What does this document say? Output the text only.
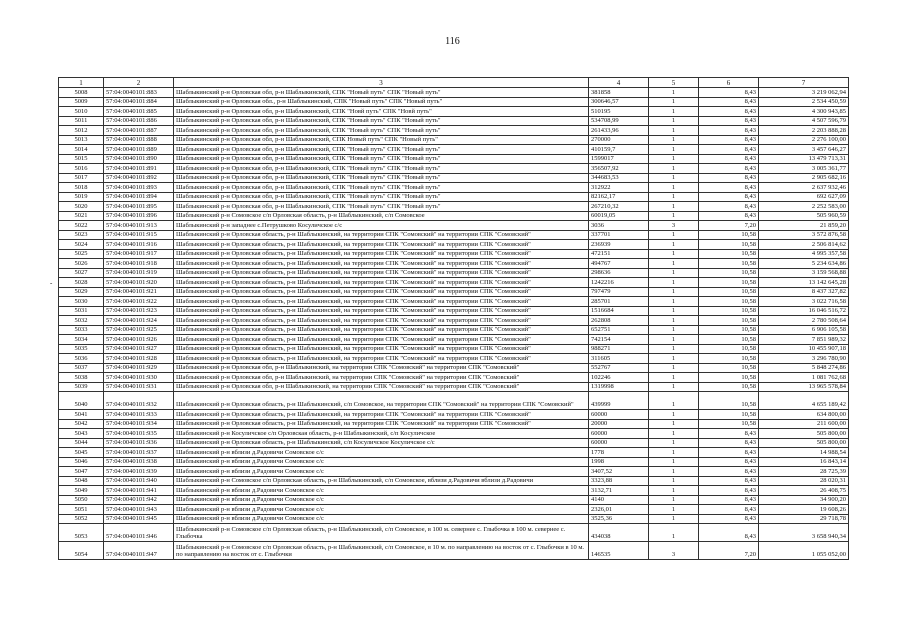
116
-
1	2	3	4	5	6	7
5008	57:04:0040101:883	Шаблыкинский р-н Орловская обл, р-н Шаблыкинский, СПК "Новый путь" СПК "Новый путь"	381858	1	8,43	3 219 062,94
5009	57:04:0040101:884	Шаблыкинский р-н Орловская обл., р-н Шаблыкинский, СПК "Новый путь" СПК "Новый путь"	300646,57	1	8,43	2 534 450,59
5010	57:04:0040101:885	Шаблыкинский р-н Орловская обл, р-н Шаблыкинский, СПК "Новй путь" СПК "Новй путь"	510195	1	8,43	4 300 943,85
5011	57:04:0040101:886	Шаблыкинский р-н Орловская обл, р-н Шаблыкинский, СПК "Новый путь" СПК "Новый путь"	534708,99	1	8,43	4 507 596,79
5012	57:04:0040101:887	Шаблыкинский р-н Орловская обл, р-н Шаблыкинский, СПК "Новый путь" СПК "Новый путь"	261433,96	1	8,43	2 203 888,28
5013	57:04:0040101:888	Шаблыкинский р-н Орловская обл, р-н Шаблыкинский, СПК Новый путь" СПК "Новый путь"	270000	1	8,43	2 276 100,00
5014	57:04:0040101:889	Шаблыкинский р-н Орловская обл, р-н Шаблыкинский, СПК "Новый путь" СПК "Новый путь"	410159,7	1	8,43	3 457 646,27
5015	57:04:0040101:890	Шаблыкинский р-н Орловская обл, р-н Шаблыкинский, СПК "Новый путь" СПК "Новый путь"	1599017	1	8,43	13 479 713,31
5016	57:04:0040101:891	Шаблыкинский р-н Орловская обл, р-н Шаблыкинский, СПК "Новый путь" СПК "Новый путь"	356507,92	1	8,43	3 005 361,77
5017	57:04:0040101:892	Шаблыкинский р-н Орловская обл, р-н Шаблыкинский, СПК "Новый путь" СПК "Новый путь"	344683,53	1	8,43	2 905 682,16
5018	57:04:0040101:893	Шаблыкинский р-н Орловская обл, р-н Шаблыкинский, СПК "Новый путь" СПК "Новый путь"	312922	1	8,43	2 637 932,46
5019	57:04:0040101:894	Шаблыкинский р-н Орловская обл, р-н Шаблыкинский, СПК "Новый путь" СПК "Новый путь"	82162,17	1	8,43	692 627,09
5020	57:04:0040101:895	Шаблыкинский р-н Орловская обл, р-н Шаблыкинский, СПК "Новый путь" СПК "Новый путь"	267210,32	1	8,43	2 252 583,00
5021	57:04:0040101:896	Шаблыкинский р-н Сомовское с/п Орловская область, р-н Шаблыкинский, с/п Сомовское	60019,05	1	8,43	505 960,59
5022	57:04:0040101:913	Шаблыкинский р-н западнее с.Петрушково Косуличское с/с	3036	3	7,20	21 859,20
5023	57:04:0040101:915	Шаблыкинский р-н Орловская область, р-н Шаблыкинский, на территории СПК "Сомовский" на территории СПК "Сомовский"	337701	1	10,58	3 572 876,58
5024	57:04:0040101:916	Шаблыкинский р-н Орловская область, р-н Шаблыкинский, на территории СПК "Сомовский" на территории СПК "Сомовский"	236939	1	10,58	2 506 814,62
5025	57:04:0040101:917	Шаблыкинский р-н Орловская область, р-н Шаблыкинский, на территории СПК "Сомовский" на территории СПК "Сомовский"	472151	1	10,58	4 995 357,58
5026	57:04:0040101:918	Шаблыкинский р-н Орловская область, р-н Шаблыкинский, на территории СПК "Сомовский" на территории СПК "Сомовский"	494767	1	10,58	5 234 634,86
5027	57:04:0040101:919	Шаблыкинский р-н Орловская область, р-н Шаблыкинский, на территории СПК "Сомовский" на территории СПК "Сомовский"	298636	1	10,58	3 159 568,88
5028	57:04:0040101:920	Шаблыкинский р-н Орловская область, р-н Шаблыкинский, на территории СПК "Сомовский" на территории СПК "Сомовский"	1242216	1	10,58	13 142 645,28
5029	57:04:0040101:921	Шаблыкинский р-н Орловская область, р-н Шаблыкинский, на территории СПК "Сомовский" на территории СПК "Сомовский"	797479	1	10,58	8 437 327,82
5030	57:04:0040101:922	Шаблыкинский р-н Орловская область, р-н Шаблыкинский, на территории СПК "Сомовский" на территории СПК "Сомовский"	285701	1	10,58	3 022 716,58
5031	57:04:0040101:923	Шаблыкинский р-н Орловская область, р-н Шаблыкинский, на территории СПК "Сомовский" на территории СПК "Сомовский"	1516684	1	10,58	16 046 516,72
5032	57:04:0040101:924	Шаблыкинский р-н Орловская область, р-н Шаблыкинский, на территории СПК "Сомовский" на территории СПК "Сомовский"	262808	1	10,58	2 780 508,64
5033	57:04:0040101:925	Шаблыкинский р-н Орловская область, р-н Шаблыкинский, на территории СПК "Сомовский" на территории СПК "Сомовский"	652751	1	10,58	6 906 105,58
5034	57:04:0040101:926	Шаблыкинский р-н Орловская область, р-н Шаблыкинский, на территории СПК "Сомовский" на территории СПК "Сомовский"	742154	1	10,58	7 851 989,32
5035	57:04:0040101:927	Шаблыкинский р-н Орловская область, р-н Шаблыкинский, на территории СПК "Сомовский" на территории СПК "Сомовский"	988271	1	10,58	10 455 907,18
5036	57:04:0040101:928	Шаблыкинский р-н Орловская область, р-н Шаблыкинский, на территории СПК "Сомовский" на территории СПК "Сомовский"	311605	1	10,58	3 296 780,90
5037	57:04:0040101:929	Шаблыкинский р-н Орловская обл, р-н Шаблыкинский, на территории СПК "Сомовский" на территории СПК "Сомовский"	552767	1	10,58	5 848 274,86
5038	57:04:0040101:930	Шаблыкинский р-н Орловская обл, р-н Шаблыкинский, на территории СПК "Сомовский" на территории СПК "Сомовский"	102246	1	10,58	1 081 762,68
5039	57:04:0040101:931	Шаблыкинский р-н Орловская обл, р-н Шаблыкинский, на территории СПК "Сомовский" на территории СПК "Сомовский"	1319998	1	10,58	13 965 578,84
5040	57:04:0040101:932	Шаблыкинский р-н Орловская область, р-н Шаблыкинский, с/п Сомовское, на территории СПК "Сомовский" на территории СПК "Сомовский"	439999	1	10,58	4 655 189,42
5041	57:04:0040101:933	Шаблыкинский р-н Орловская область, р-н Шаблыкинский, на территории СПК "Сомовский" на территории СПК "Сомовский"	60000	1	10,58	634 800,00
5042	57:04:0040101:934	Шаблыкинский р-н Орловская область, р-н Шаблыкинский, на территории СПК "Сомовский" на территории СПК "Сомовский"	20000	1	10,58	211 600,00
5043	57:04:0040101:935	Шаблыкинский р-н Косуличское с/п Орловская область, р-н Шаблыкинский, с/п Косуличское	60000	1	8,43	505 800,00
5044	57:04:0040101:936	Шаблыкинский р-н Орловская область, р-н Шаблыкинский, с/п Косуличское Косуличское с/с	60000	1	8,43	505 800,00
5045	57:04:0040101:937	Шаблыкинский р-н вблизи д.Радовичи Сомовское с/с	1778	1	8,43	14 988,54
5046	57:04:0040101:938	Шаблыкинский р-н вблизи д.Радовичи Сомовское с/с	1998	1	8,43	16 843,14
5047	57:04:0040101:939	Шаблыкинский р-н вблизи д.Радовичи Сомовское с/с	3407,52	1	8,43	28 725,39
5048	57:04:0040101:940	Шаблыкинский р-н Сомовское с/п Орловская область, р-н Шаблыкинский, с/п Сомовское, вблизи д.Радовичи вблизи д.Радовичи	3323,88	1	8,43	28 020,31
5049	57:04:0040101:941	Шаблыкинский р-н вблизи д.Радовичи Сомовское с/с	3132,71	1	8,43	26 408,75
5050	57:04:0040101:942	Шаблыкинский р-н вблизи д.Радовичи Сомовское с/с	4140	1	8,43	34 900,20
5051	57:04:0040101:943	Шаблыкинский р-н вблизи д.Радовичи Сомовское с/с	2326,01	1	8,43	19 608,26
5052	57:04:0040101:945	Шаблыкинский р-н вблизи д.Радовичи Сомовское с/с	3525,36	1	8,43	29 718,78
5053	57:04:0040101:946	Шаблыкинский р-н Сомовское с/п Орловская область, р-н Шаблыкинский, с/п Сомовское, в 100 м. севернее с. Глыбочка в 100 м. севернее с. Глыбочка	434038	1	8,43	3 658 940,34
5054	57:04:0040101:947	Шаблыкинский р-н Сомовское с/п Орловская область, р-н Шаблыкинский, с/п Сомовское, в 10 м. по направлению на восток от с. Глыбочки в 10 м. по направлению на восток от с. Глыбочки	146535	3	7,20	1 055 052,00
